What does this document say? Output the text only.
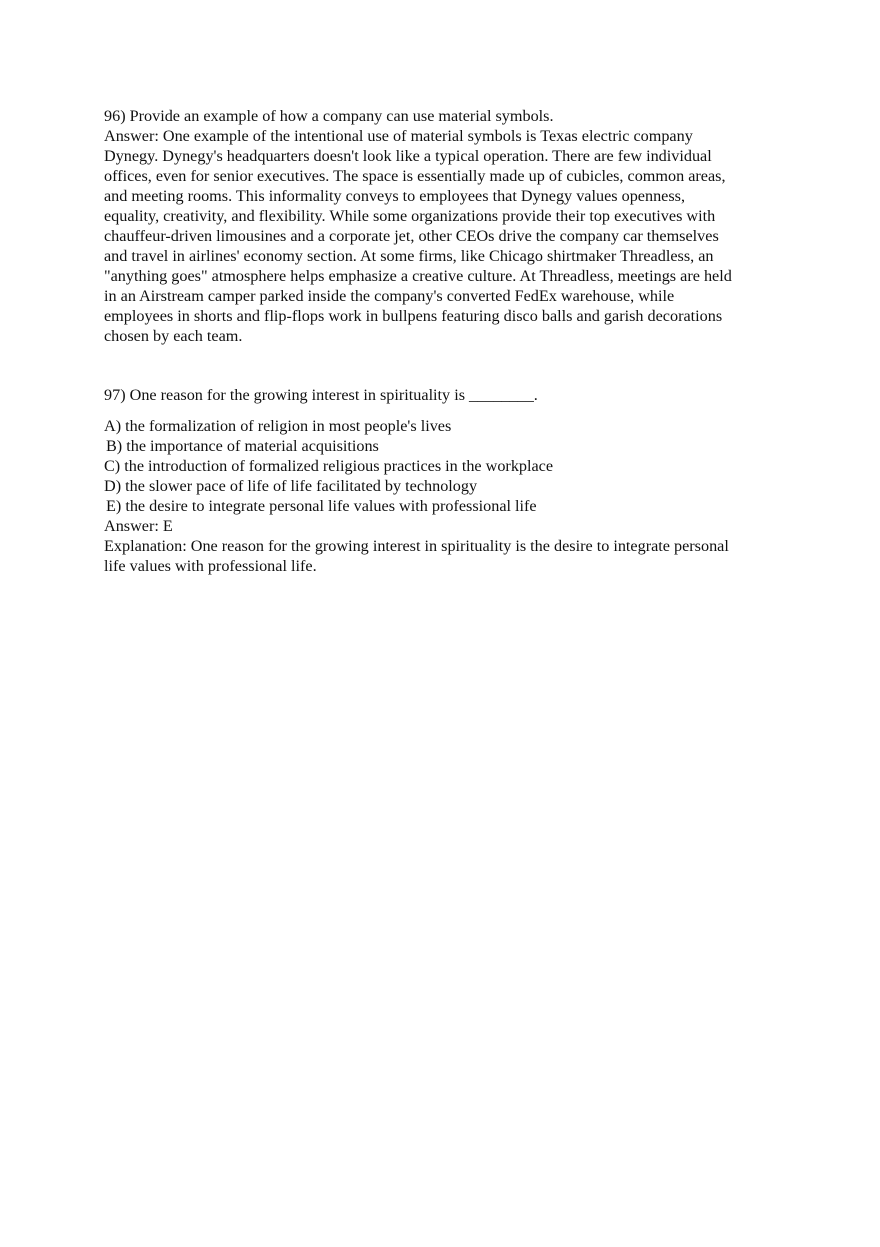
96) Provide an example of how a company can use material symbols.
Answer: One example of the intentional use of material symbols is Texas electric company
Dynegy. Dynegy's headquarters doesn't look like a typical operation. There are few individual
offices, even for senior executives. The space is essentially made up of cubicles, common areas,
and meeting rooms. This informality conveys to employees that Dynegy values openness,
equality, creativity, and flexibility. While some organizations provide their top executives with
chauffeur-driven limousines and a corporate jet, other CEOs drive the company car themselves
and travel in airlines' economy section. At some firms, like Chicago shirtmaker Threadless, an
"anything goes" atmosphere helps emphasize a creative culture. At Threadless, meetings are held
in an Airstream camper parked inside the company's converted FedEx warehouse, while
employees in shorts and flip-flops work in bullpens featuring disco balls and garish decorations
chosen by each team.
97) One reason for the growing interest in spirituality is ________.
A) the formalization of religion in most people's lives
B) the importance of material acquisitions
C) the introduction of formalized religious practices in the workplace
D) the slower pace of life of life facilitated by technology
E) the desire to integrate personal life values with professional life
Answer: E
Explanation: One reason for the growing interest in spirituality is the desire to integrate personal
life values with professional life.
